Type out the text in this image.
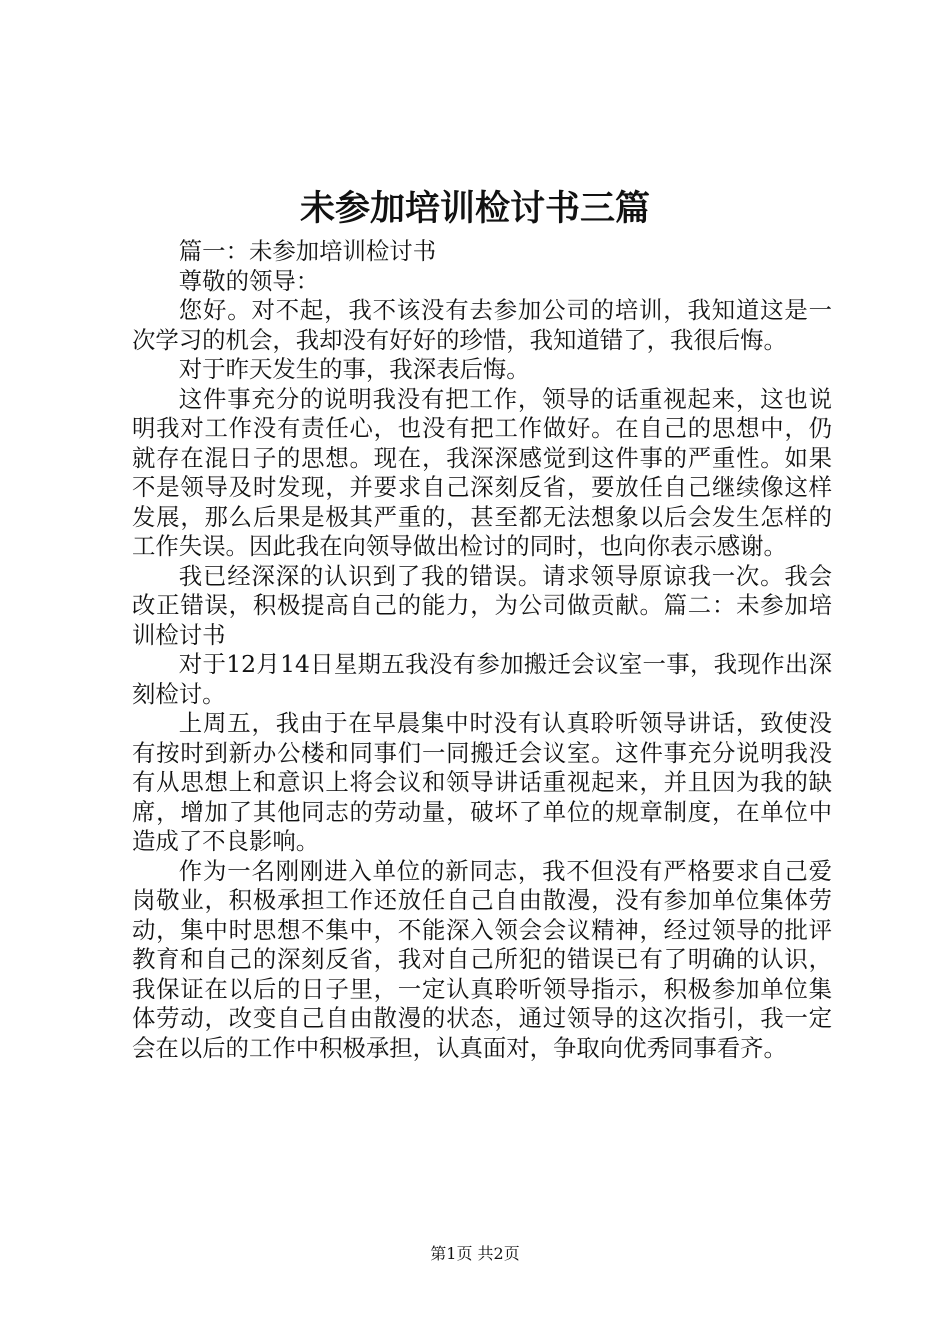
未参加培训检讨书三篇

篇一：未参加培训检讨书

尊敬的领导：

您好。对不起，我不该没有去参加公司的培训，我知道这是一次学习的机会，我却没有好好的珍惜，我知道错了，我很后悔。

对于昨天发生的事，我深表后悔。

这件事充分的说明我没有把工作，领导的话重视起来，这也说明我对工作没有责任心，也没有把工作做好。在自己的思想中，仍就存在混日子的思想。现在，我深深感觉到这件事的严重性。如果不是领导及时发现，并要求自己深刻反省，要放任自己继续像这样发展，那么后果是极其严重的，甚至都无法想象以后会发生怎样的工作失误。因此我在向领导做出检讨的同时，也向你表示感谢。

我已经深深的认识到了我的错误。请求领导原谅我一次。我会改正错误，积极提高自己的能力，为公司做贡献。篇二：未参加培训检讨书

对于12月14日星期五我没有参加搬迁会议室一事，我现作出深刻检讨。

上周五，我由于在早晨集中时没有认真聆听领导讲话，致使没有按时到新办公楼和同事们一同搬迁会议室。这件事充分说明我没有从思想上和意识上将会议和领导讲话重视起来，并且因为我的缺席，增加了其他同志的劳动量，破坏了单位的规章制度，在单位中造成了不良影响。

作为一名刚刚进入单位的新同志，我不但没有严格要求自己爱岗敬业，积极承担工作还放任自己自由散漫，没有参加单位集体劳动，集中时思想不集中，不能深入领会会议精神，经过领导的批评教育和自己的深刻反省，我对自己所犯的错误已有了明确的认识，我保证在以后的日子里，一定认真聆听领导指示，积极参加单位集体劳动，改变自己自由散漫的状态，通过领导的这次指引，我一定会在以后的工作中积极承担，认真面对，争取向优秀同事看齐。

第1页 共2页
